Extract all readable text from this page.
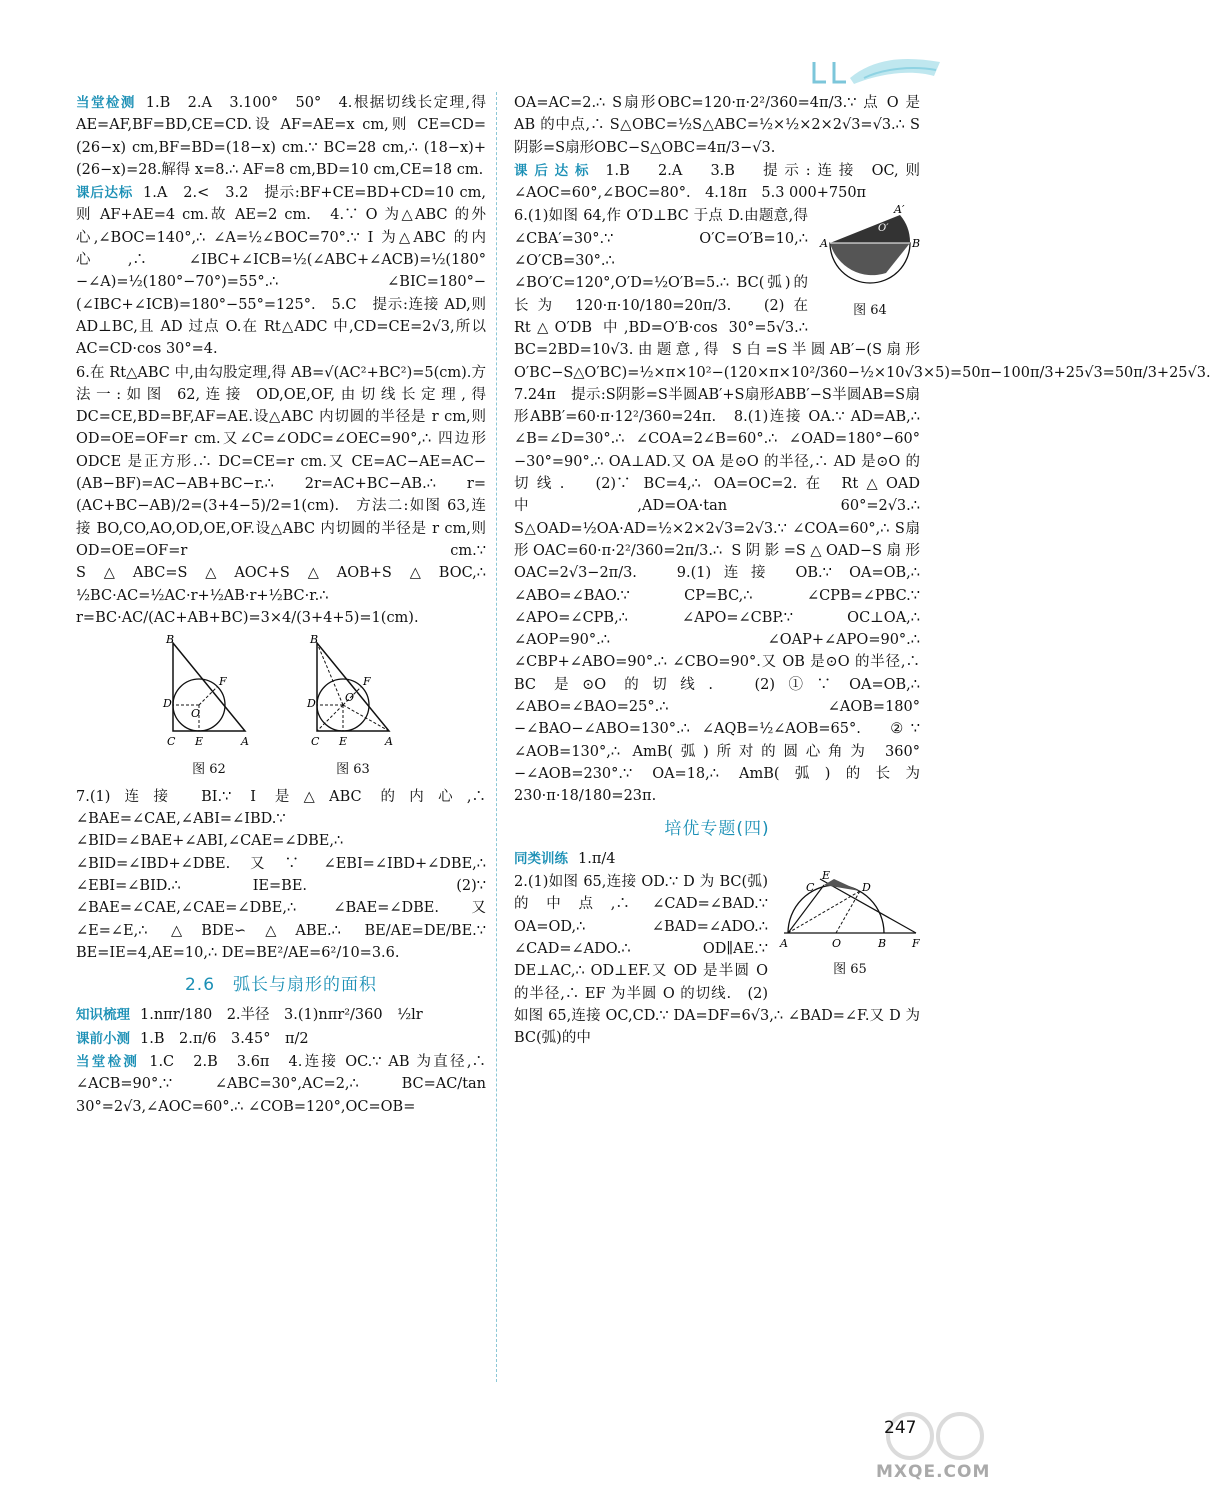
当堂检测 1.B　2.A　3.100°　50°　4.根据切线长定理,得 AE=AF,BF=BD,CE=CD.设 AF=AE=x cm,则 CE=CD=(26−x) cm,BF=BD=(18−x) cm.∵ BC=28 cm,∴ (18−x)+(26−x)=28.解得 x=8.∴ AF=8 cm,BD=10 cm,CE=18 cm.

课后达标 1.A　2.<　3.2　提示:BF+CE=BD+CD=10 cm,则 AF+AE=4 cm.故 AE=2 cm.　4.∵ O 为△ABC 的外心,∠BOC=140°,∴ ∠A=½∠BOC=70°.∵ I 为△ABC 的内心,∴ ∠IBC+∠ICB=½(∠ABC+∠ACB)=½(180°−∠A)=½(180°−70°)=55°.∴ ∠BIC=180°−(∠IBC+∠ICB)=180°−55°=125°.　5.C　提示:连接 AD,则 AD⊥BC,且 AD 过点 O.在 Rt△ADC 中,CD=CE=2√3,所以 AC=CD·cos 30°=4.

6.在 Rt△ABC 中,由勾股定理,得 AB=√(AC²+BC²)=5(cm).方法一:如图 62,连接 OD,OE,OF,由切线长定理,得 DC=CE,BD=BF,AF=AE.设△ABC 内切圆的半径是 r cm,则 OD=OE=OF=r cm.又∠C=∠ODC=∠OEC=90°,∴ 四边形 ODCE 是正方形.∴ DC=CE=r cm.又 CE=AC−AE=AC−(AB−BF)=AC−AB+BC−r.∴ 2r=AC+BC−AB.∴ r=(AC+BC−AB)/2=(3+4−5)/2=1(cm).　方法二:如图 63,连接 BO,CO,AO,OD,OE,OF.设△ABC 内切圆的半径是 r cm,则 OD=OE=OF=r cm.∵ S△ABC=S△AOC+S△AOB+S△BOC,∴ ½BC·AC=½AC·r+½AB·r+½BC·r.∴ r=BC·AC/(AC+AB+BC)=3×4/(3+4+5)=1(cm).

B
D
F
O
C E	A
图 62
B
D
F
O
C E	A
图 63

7.(1)连接 BI.∵ I 是△ABC 的内心,∴ ∠BAE=∠CAE,∠ABI=∠IBD.∵ ∠BID=∠BAE+∠ABI,∠CAE=∠DBE,∴ ∠BID=∠IBD+∠DBE.又∵ ∠EBI=∠IBD+∠DBE,∴ ∠EBI=∠BID.∴ IE=BE.　(2)∵ ∠BAE=∠CAE,∠CAE=∠DBE,∴ ∠BAE=∠DBE.又∠E=∠E,∴ △BDE∽△ABE.∴ BE/AE=DE/BE.∵ BE=IE=4,AE=10,∴ DE=BE²/AE=6²/10=3.6.

2.6　弧长与扇形的面积

知识梳理 1.nπr/180　2.半径　3.(1)nπr²/360　½lr

课前小测 1.B　2.π/6　3.45°　π/2

当堂检测 1.C　2.B　3.6π　4.连接 OC.∵ AB 为直径,∴ ∠ACB=90°.∵ ∠ABC=30°,AC=2,∴ BC=AC/tan 30°=2√3,∠AOC=60°.∴ ∠COB=120°,OC=OB=

OA=AC=2.∴ S扇形OBC=120·π·2²/360=4π/3.∵ 点 O 是 AB 的中点,∴ S△OBC=½S△ABC=½×½×2×2√3=√3.∴ S阴影=S扇形OBC−S△OBC=4π/3−√3.

课后达标 1.B　2.A　3.B　提示:连接 OC,则∠AOC=60°,∠BOC=80°.　4.18π　5.3 000+750π

A′
A	B
O′
图 64

6.(1)如图 64,作 O′D⊥BC 于点 D.由题意,得∠CBA′=30°.∵ O′C=O′B=10,∴ ∠O′CB=30°.∴ ∠BO′C=120°,O′D=½O′B=5.∴ BC(弧)的长为 120·π·10/180=20π/3.　(2)在 Rt△O′DB 中,BD=O′B·cos 30°=5√3.∴ BC=2BD=10√3.由题意,得 S白=S半圆AB′−(S扇形O′BC−S△O′BC)=½×π×10²−(120×π×10²/360−½×10√3×5)=50π−100π/3+25√3=50π/3+25√3.　7.24π　提示:S阴影=S半圆AB′+S扇形ABB′−S半圆AB=S扇形ABB′=60·π·12²/360=24π.　8.(1)连接 OA.∵ AD=AB,∴ ∠B=∠D=30°.∴ ∠COA=2∠B=60°.∴ ∠OAD=180°−60°−30°=90°.∴ OA⊥AD.又 OA 是⊙O 的半径,∴ AD 是⊙O 的切线.　(2)∵ BC=4,∴ OA=OC=2.在 Rt△OAD 中,AD=OA·tan 60°=2√3.∴ S△OAD=½OA·AD=½×2×2√3=2√3.∵ ∠COA=60°,∴ S扇形OAC=60·π·2²/360=2π/3.∴ S阴影=S△OAD−S扇形OAC=2√3−2π/3.　9.(1)连接 OB.∵ OA=OB,∴ ∠ABO=∠BAO.∵ CP=BC,∴ ∠CPB=∠PBC.∵ ∠APO=∠CPB,∴ ∠APO=∠CBP.∵ OC⊥OA,∴ ∠AOP=90°.∴ ∠OAP+∠APO=90°.∴ ∠CBP+∠ABO=90°.∴ ∠CBO=90°.又 OB 是⊙O 的半径,∴ BC 是⊙O 的切线.　(2)①∵ OA=OB,∴ ∠ABO=∠BAO=25°.∴ ∠AOB=180°−∠BAO−∠ABO=130°.∴ ∠AQB=½∠AOB=65°.　②∵ ∠AOB=130°,∴ AmB(弧)所对的圆心角为 360°−∠AOB=230°.∵ OA=18,∴ AmB(弧)的长为 230·π·18/180=23π.

培优专题(四)

同类训练 1.π/4

E
C	D
A	O	B F
图 65

2.(1)如图 65,连接 OD.∵ D 为 BC(弧)的中点,∴ ∠CAD=∠BAD.∵ OA=OD,∴ ∠BAD=∠ADO.∴ ∠CAD=∠ADO.∴ OD∥AE.∵ DE⊥AC,∴ OD⊥EF.又 OD 是半圆 O 的半径,∴ EF 为半圆 O 的切线.　(2)如图 65,连接 OC,CD.∵ DA=DF=6√3,∴ ∠BAD=∠F.又 D 为 BC(弧)的中

247
MXQE.COM
